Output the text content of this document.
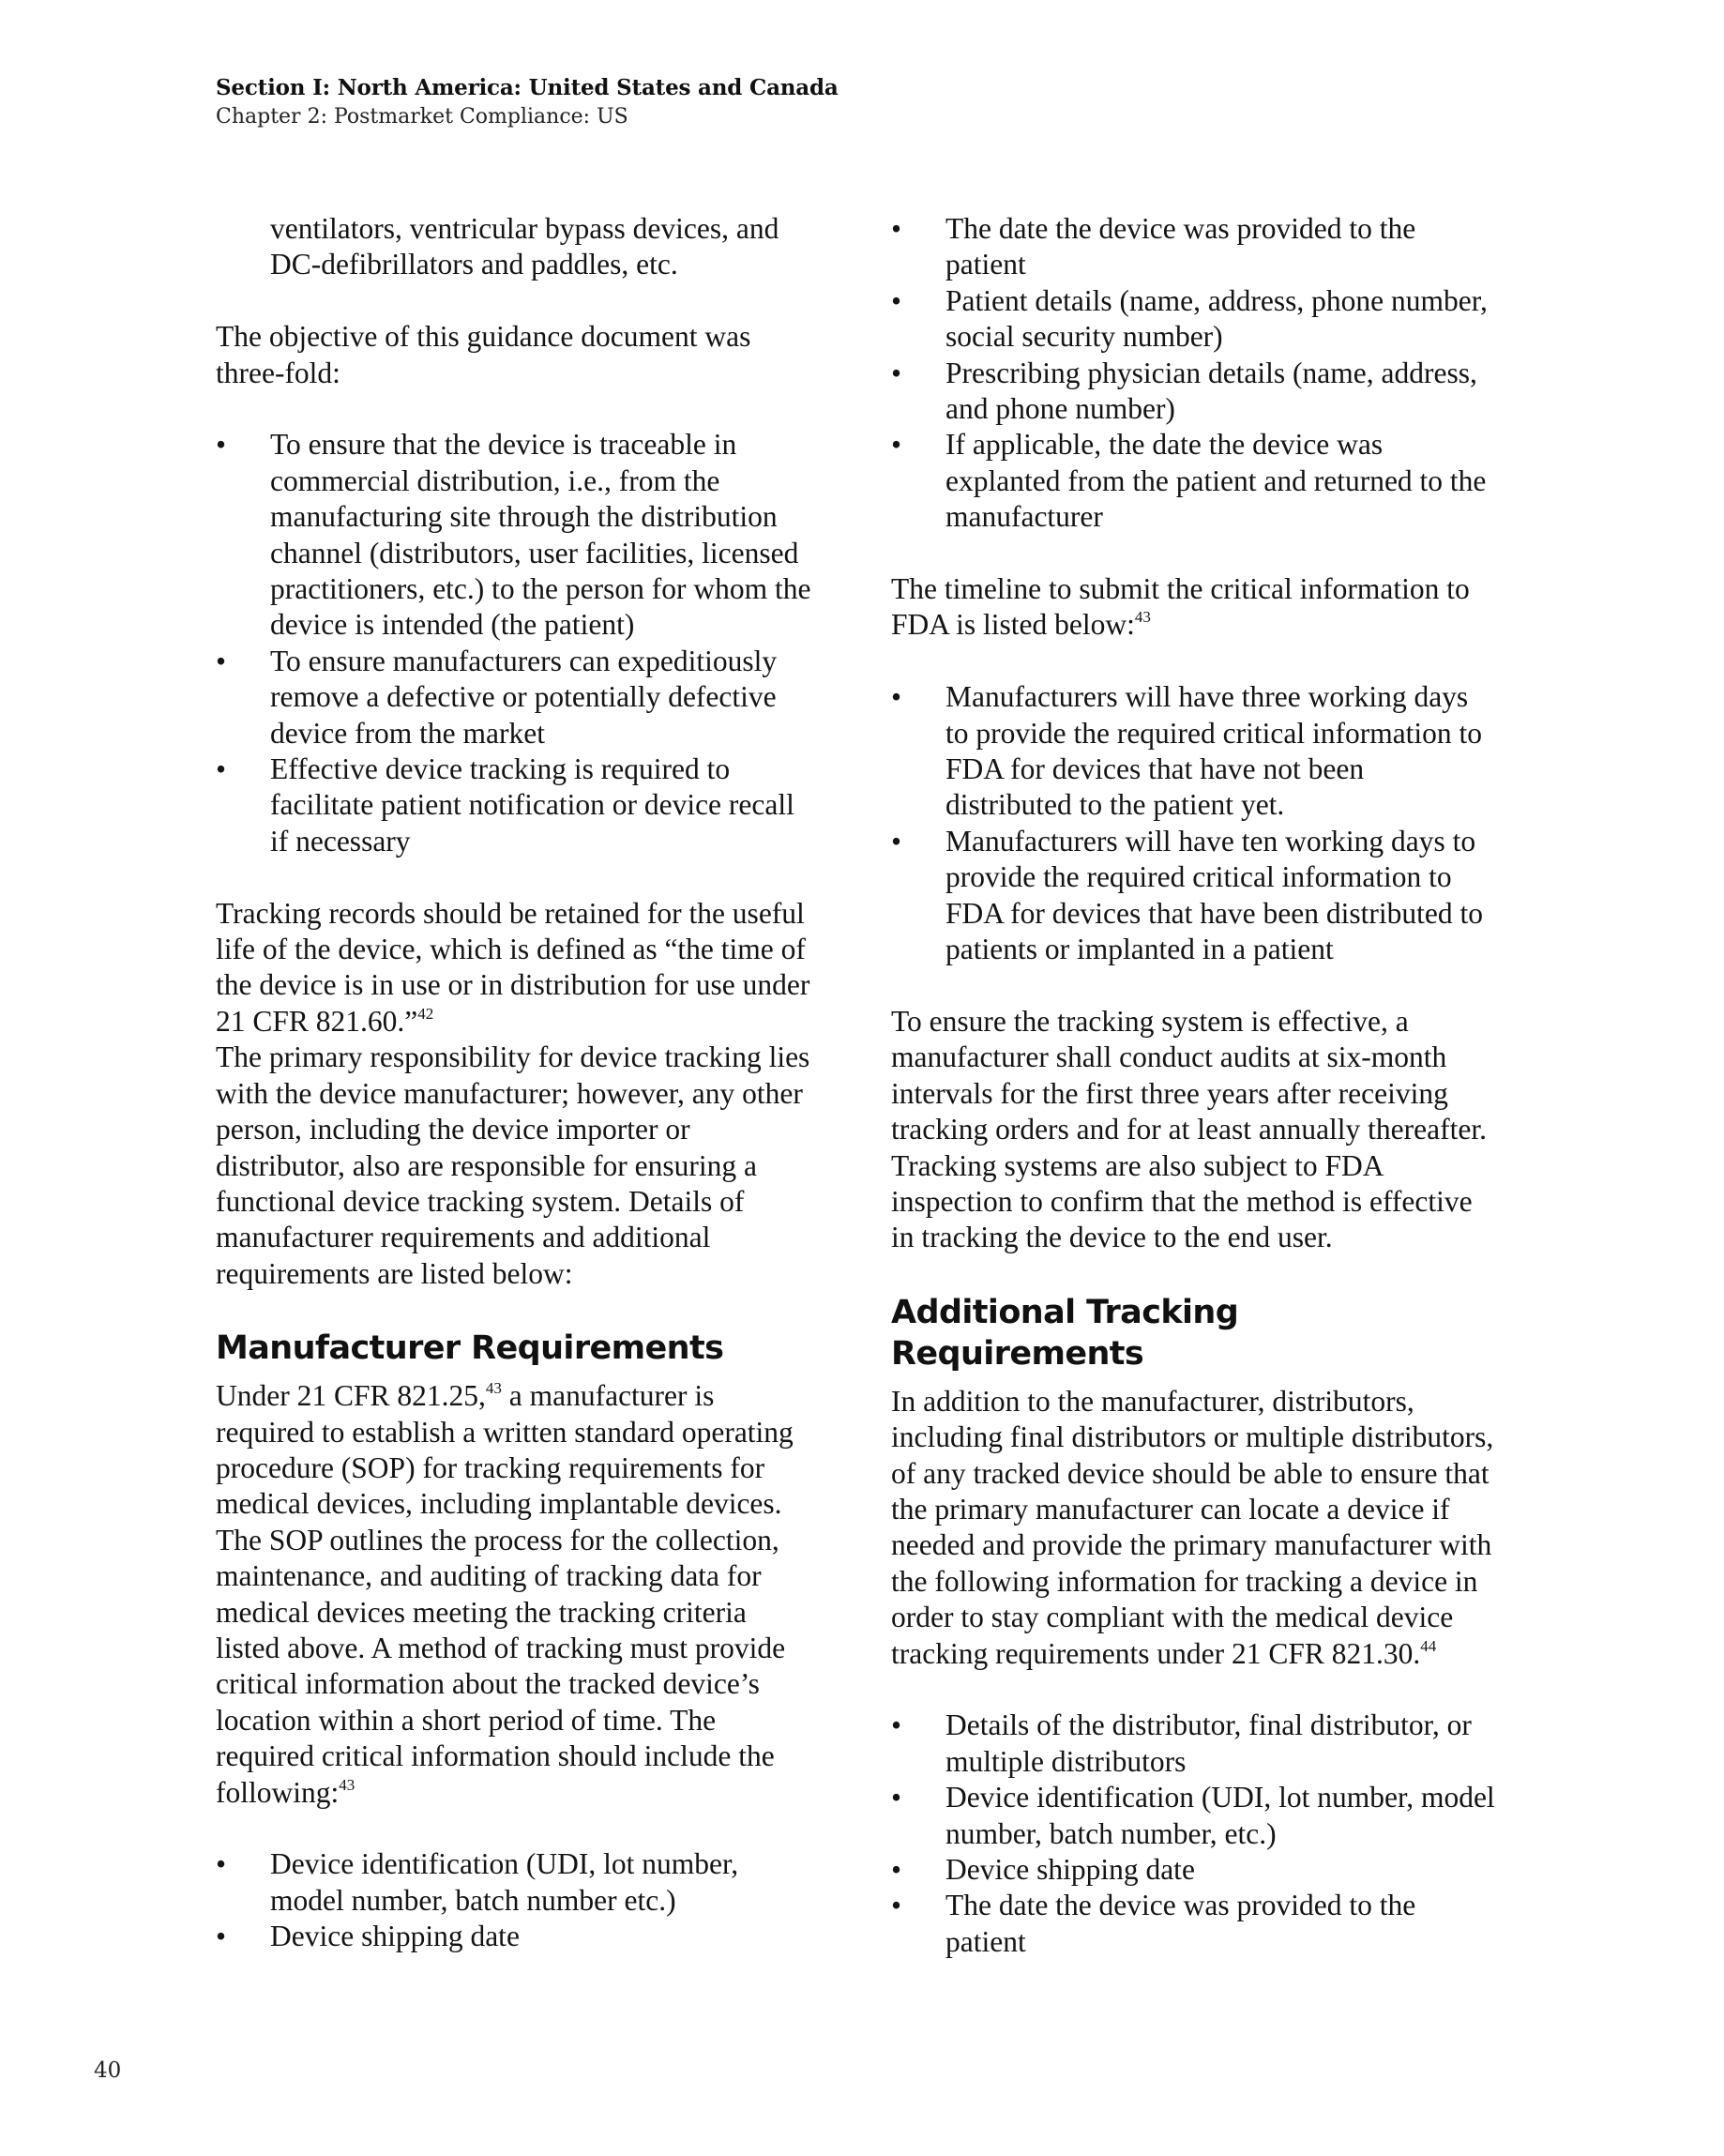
Section I: North America: United States and Canada
Chapter 2: Postmarket Compliance: US

ventilators, ventricular bypass devices, and

DC-defibrillators and paddles, etc.

The objective of this guidance document was three-fold:

• To ensure that the device is traceable in commercial distribution, i.e., from the manufacturing site through the distribution channel (distributors, user facilities, licensed practitioners, etc.) to the person for whom the device is intended (the patient)
• To ensure manufacturers can expeditiously remove a defective or potentially defective device from the market
• Effective device tracking is required to facilitate patient notification or device recall if necessary

Tracking records should be retained for the useful life of the device, which is defined as “the time of the device is in use or in distribution for use under 21 CFR 821.60.”$^{42}$

The primary responsibility for device tracking lies with the device manufacturer; however, any other person, including the device importer or distributor, also are responsible for ensuring a functional device tracking system. Details of manufacturer requirements and additional requirements are listed below:

Manufacturer Requirements

Under 21 CFR 821.25,43 a manufacturer is required to establish a written standard operating procedure (SOP) for tracking requirements for medical devices, including implantable devices. The SOP outlines the process for the collection, maintenance, and auditing of tracking data for medical devices meeting the tracking criteria listed above. A method of tracking must provide critical information about the tracked device’s location within a short period of time. The required critical information should include the following:$^{43}$

• Device identification (UDI, lot number, model number, batch number etc.)
• Device shipping date
• The date the device was provided to the patient
• Patient details (name, address, phone number, social security number)
• Prescribing physician details (name, address, and phone number)
• If applicable, the date the device was explanted from the patient and returned to the manufacturer

The timeline to submit the critical information to FDA is listed below:$^{43}$

• Manufacturers will have three working days to provide the required critical information to FDA for devices that have not been distributed to the patient yet.
• Manufacturers will have ten working days to provide the required critical information to FDA for devices that have been distributed to patients or implanted in a patient

To ensure the tracking system is effective, a manufacturer shall conduct audits at six-month intervals for the first three years after receiving tracking orders and for at least annually thereafter. Tracking systems are also subject to FDA inspection to confirm that the method is effective in tracking the device to the end user.

Additional Tracking Requirements

In addition to the manufacturer, distributors, including final distributors or multiple distributors, of any tracked device should be able to ensure that the primary manufacturer can locate a device if needed and provide the primary manufacturer with the following information for tracking a device in order to stay compliant with the medical device tracking requirements under 21 CFR 821.30.44

• Details of the distributor, final distributor, or multiple distributors
• Device identification (UDI, lot number, model number, batch number, etc.)
• Device shipping date
• The date the device was provided to the patient
40
